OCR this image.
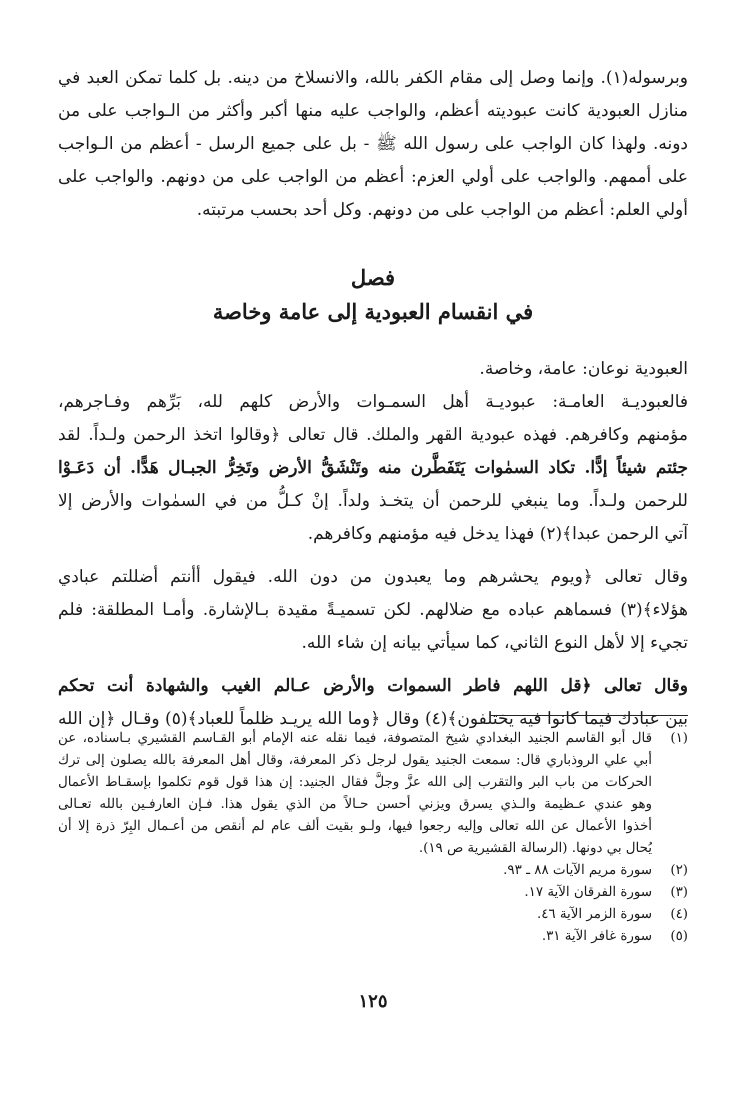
وبرسوله(١). وإنما وصل إلى مقام الكفر بالله، والانسلاخ من دينه. بل كلما تمكن العبد في
منازل العبودية كانت عبوديته أعظم، والواجب عليه منها أكبر وأكثر من الـواجب على من
دونه. ولهذا كان الواجب على رسول الله ﷺ - بل على جميع الرسل - أعظم من الـواجب
على أممهم. والواجب على أولي العزم: أعظم من الواجب على من دونهم. والواجب على
أولي العلم: أعظم من الواجب على من دونهم. وكل أحد بحسب مرتبته.
فصل
في انقسام العبودية إلى عامة وخاصة
العبودية نوعان: عامة، وخاصة.
فالعبوديـة العامـة: عبوديـة أهل السمـوات والأرض كلهم لله، بَرِّهم وفـاجرهم،
مؤمنهم وكافرهم. فهذه عبودية القهر والملك. قال تعالى ﴿وقالوا اتخذ الرحمن ولـداً. لقد
جئتم شيئاً إدًّا. تكاد السمٰوات يَتَفَطَّرن منه وتَنْشَقُّ الأرض وتَخِرُّ الجبـال هَدًّا. أن دَعَـوْا
للرحمن ولـداً. وما ينبغي للرحمن أن يتخـذ ولداً. إنْ كـلُّ من في السمٰوات والأرض إلا
آتي الرحمن عبدا﴾(٢) فهذا يدخل فيه مؤمنهم وكافرهم.
وقال تعالى ﴿ويوم يحشرهم وما يعبدون من دون الله. فيقول أأنتم أضللتم عبادي
هؤلاء﴾(٣) فسماهم عباده مع ضلالهم. لكن تسميـةً مقيدة بـالإشارة. وأمـا المطلقة: فلم
تجيء إلا لأهل النوع الثاني، كما سيأتي بيانه إن شاء الله.
وقال تعالى ﴿قل اللهم فاطر السموات والأرض عـالم الغيب والشهادة أنت تحكم
بين عبادك فيما كانوا فيه يختلفون﴾(٤) وقال ﴿وما الله يريـد ظلماً للعباد﴾(٥) وقـال ﴿إن الله
(١)
قال أبو القاسم الجنيد البغدادي شيخ المتصوفة، فيما نقله عنه الإمام أبو القـاسم القشيري بـاسناده، عن
أبي علي الروذباري قال: سمعت الجنيد يقول لرجل ذكر المعرفة، وقال أهل المعرفة بالله يصلون إلى ترك
الحركات من باب البر والتقرب إلى الله عزَّ وجلَّ فقال الجنيد: إن هذا قول قوم تكلموا بإسقـاط الأعمال
وهو عندي عـظيمة والـذي يسرق ويزني أحسن حـالاً من الذي يقول هذا. فـإن العارفـين بالله تعـالى
أخذوا الأعمال عن الله تعالى وإليه رجعوا فيها، ولـو بقيت ألف عام لم أنقص من أعـمال البِرّ ذرة إلا أن
يُحال بي دونها. (الرسالة القشيرية ص ١٩).
(٢)
سورة مريم الآيات ٨٨ ـ ٩٣.
(٣)
سورة الفرقان الآية ١٧.
(٤)
سورة الزمر الآية ٤٦.
(٥)
سورة غافر الآية ٣١.
١٢٥
